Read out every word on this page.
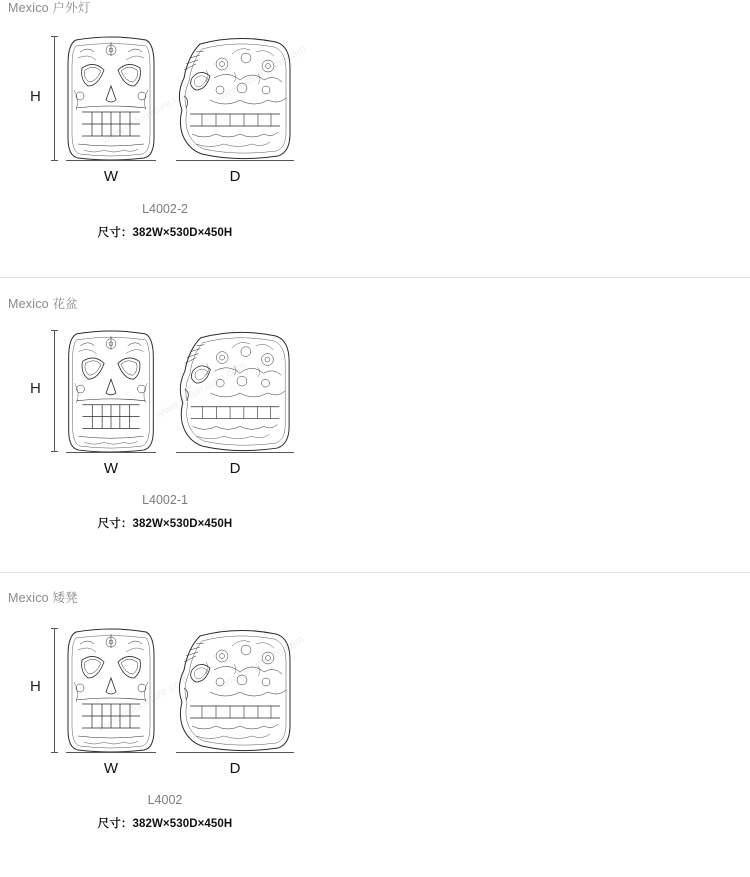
Mexico 户外灯
www.nsfurniture.com
www.nsfurniture.com
H
W	D
L4002-2
尺寸：382W×530D×450H
Mexico 花盆
www.nsfurniture.com
H
W	D
L4002-1
尺寸：382W×530D×450H
Mexico 矮凳
www.nsfurniture.com
www.nsfurniture.com
H
W	D
L4002
尺寸：382W×530D×450H
